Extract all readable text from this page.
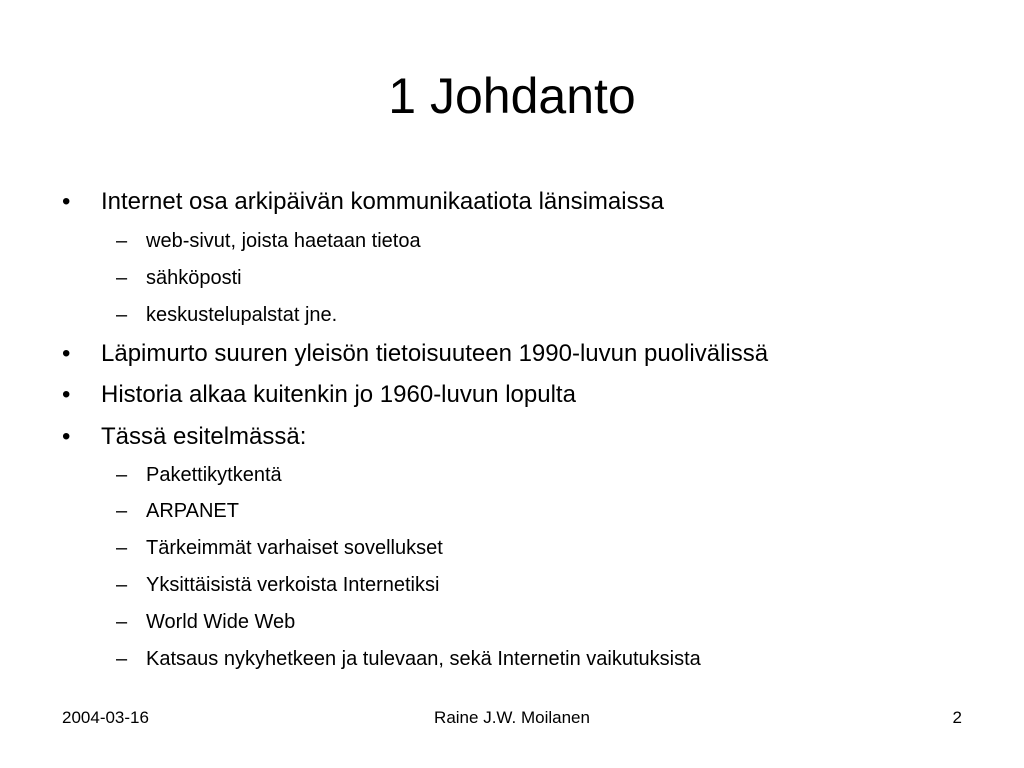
1 Johdanto
• Internet osa arkipäivän kommunikaatiota länsimaissa
– web-sivut, joista haetaan tietoa
– sähköposti
– keskustelupalstat jne.
• Läpimurto suuren yleisön tietoisuuteen 1990-luvun puolivälissä
• Historia alkaa kuitenkin jo 1960-luvun lopulta
• Tässä esitelmässä:
– Pakettikytkentä
– ARPANET
– Tärkeimmät varhaiset sovellukset
– Yksittäisistä verkoista Internetiksi
– World Wide Web
– Katsaus nykyhetkeen ja tulevaan, sekä Internetin vaikutuksista
2004-03-16	Raine J.W. Moilanen	2
